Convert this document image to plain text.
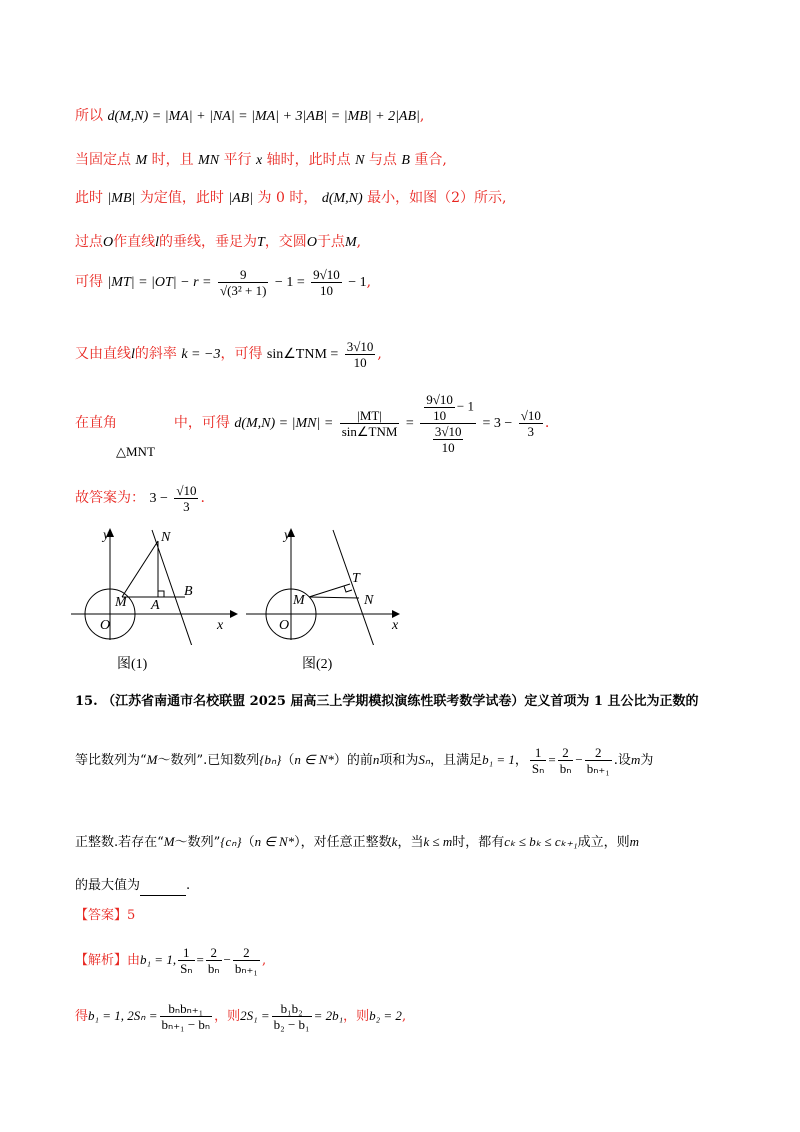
所以 d(M,N) = |MA| + |NA| = |MA| + 3|AB| = |MB| + 2|AB|,
当固定点 M 时，且 MN 平行 x 轴时，此时点 N 与点 B 重合,
此时 |MB| 为定值，此时 |AB| 为 0 时， d(M,N) 最小，如图（2）所示,
过点O作直线l的垂线，垂足为T，交圆O于点M,
可得 $|MT| = |OT| - r = \frac{9}{\text{√(3² + 1)}} - 1 = \frac{9√10}{10} - 1$,
又由直线l的斜率 k = −3，可得 sin∠TNM = $\frac{3√10}{10}$ ,
在直角	中，可得 $d(M,N) = |MN| = \frac{|MT|}{\text{sin∠TNM}} = \frac{\frac{9√10}{10} - 1}{\frac{3√10}{10}} = 3 - \frac{√10}{3}$ .
△MNT
故答案为： $3 - \frac{√10}{3}$ .
y
x
O
M A
B
N
图(1)
y
x
O
M
T
N
图(2)
15. （江苏省南通市名校联盟 2025 届高三上学期模拟演练性联考数学试卷）定义首项为 1 且公比为正数的
等比数列为“M～数列”.已知数列{bₙ}（n ∈ N*）的前n项和为Sₙ，且满足b₁ = 1， $\frac{1}{\text{Sₙ}} = \frac{2}{\text{bₙ}} - \frac{2}{\text{bₙ₊₁}}$ .设m为
正整数.若存在“M～数列”{cₙ}（n ∈ N*），对任意正整数k，当k ≤ m时，都有cₖ ≤ bₖ ≤ cₖ₊₁成立，则m
的最大值为	.
【答案】5
【解析】由b₁ = 1, $\frac{1}{\text{Sₙ}} = \frac{2}{\text{bₙ}} - \frac{2}{\text{bₙ₊₁}}$ ,
得b₁ = 1, $2S_n = \frac{\text{bₙbₙ₊₁}}{\text{bₙ₊₁ − bₙ}}$ ，则$2S_1 = \frac{\text{b₁b₂}}{\text{b₂ − b₁}} = 2b_1$，则b₂ = 2,
